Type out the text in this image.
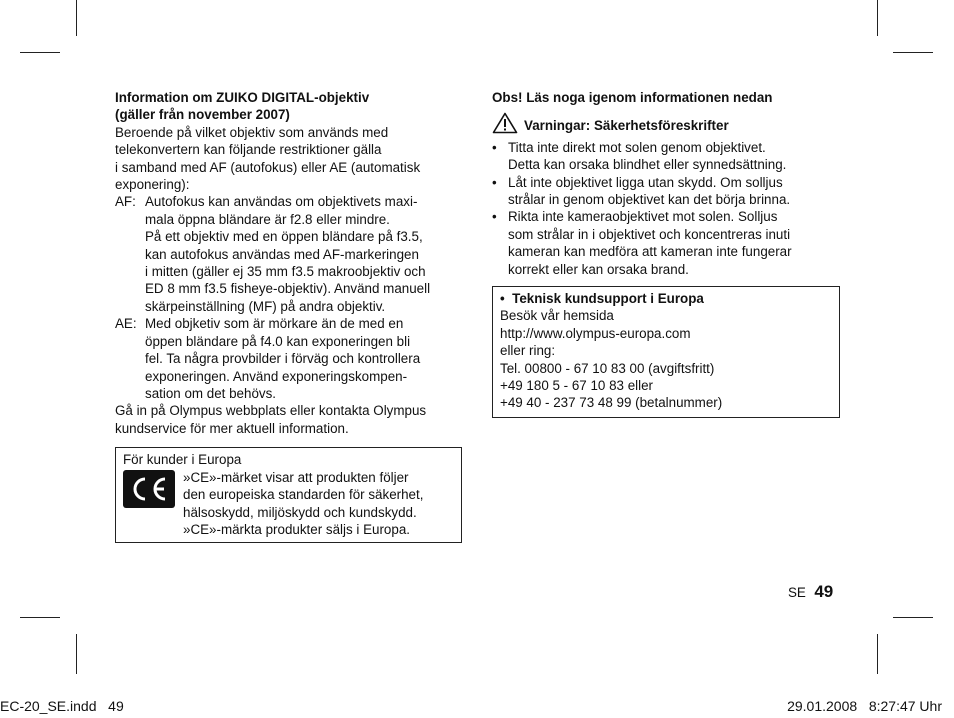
Information om ZUIKO DIGITAL-objektiv

(gäller från november 2007)

Beroende på vilket objektiv som används med

telekonvertern kan följande restriktioner gälla

i samband med AF (autofokus) eller AE (automatisk

exponering):

AF: Autofokus kan användas om objektivets maxi-
mala öppna bländare är f2.8 eller mindre.
På ett objektiv med en öppen bländare på f3.5,
kan autofokus användas med AF-markeringen
i mitten (gäller ej 35 mm f3.5 makroobjektiv och
ED 8 mm f3.5 fisheye-objektiv). Använd manuell
skärpeinställning (MF) på andra objektiv.
AE: Med objketiv som är mörkare än de med en
öppen bländare på f4.0 kan exponeringen bli
fel. Ta några provbilder i förväg och kontrollera
exponeringen. Använd exponeringskompen-
sation om det behövs.

Gå in på Olympus webbplats eller kontakta Olympus

kundservice för mer aktuell information.

För kunder i Europa
»CE»-märket visar att produkten följer
den europeiska standarden för säkerhet,
hälsoskydd, miljöskydd och kundskydd.
»CE»-märkta produkter säljs i Europa.

Obs! Läs noga igenom informationen nedan

Varningar: Säkerhetsföreskrifter
• Titta inte direkt mot solen genom objektivet.
Detta kan orsaka blindhet eller synnedsättning.
• Låt inte objektivet ligga utan skydd. Om solljus
strålar in genom objektivet kan det börja brinna.
• Rikta inte kameraobjektivet mot solen. Solljus
som strålar in i objektivet och koncentreras inuti
kameran kan medföra att kameran inte fungerar
korrekt eller kan orsaka brand.
•  Teknisk kundsupport i Europa
Besök vår hemsida
http://www.olympus-europa.com
eller ring:
Tel. 00800 - 67 10 83 00 (avgiftsfritt)
+49 180 5 - 67 10 83 eller
+49 40 - 237 73 48 99 (betalnummer)
SE 49
EC-20_SE.indd   49	29.01.2008   8:27:47 Uhr
